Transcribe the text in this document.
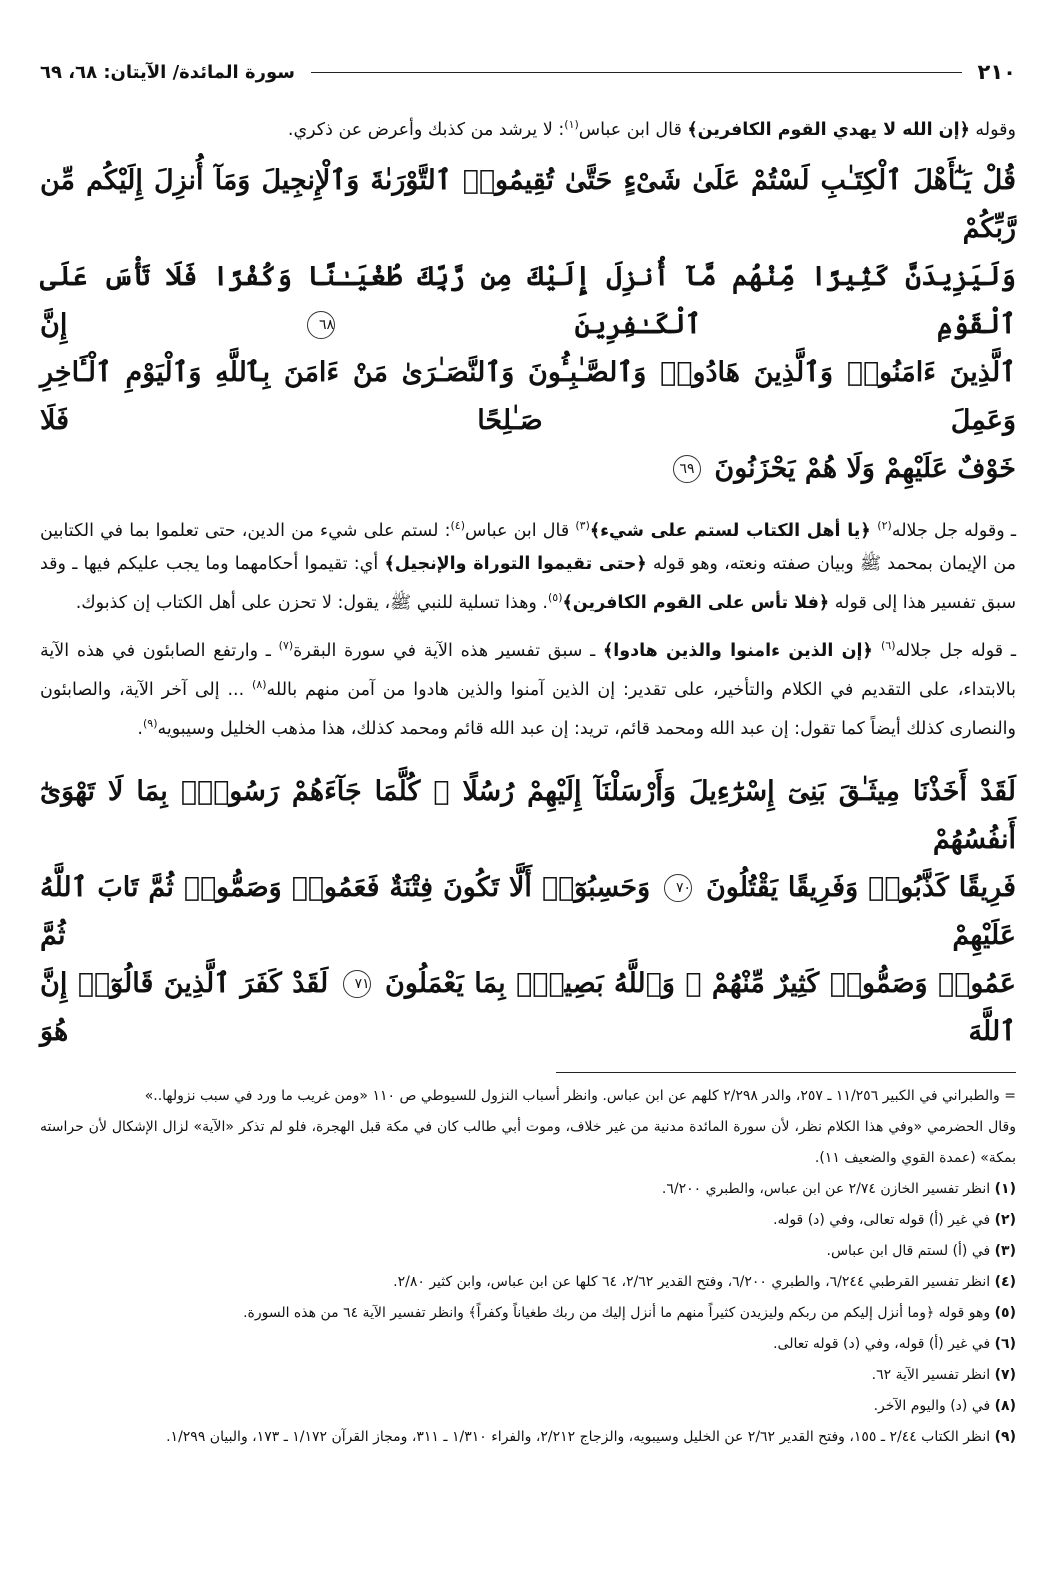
٢١٠
سورة المائدة/ الآيتان: ٦٨، ٦٩

وقوله ﴿إن الله لا يهدي القوم الكافرين﴾ قال ابن عباس$^{(١)}$: لا يرشد من كذبك وأعرض عن ذكري.

قُلْ يَـٰٓأَهْلَ ٱلْكِتَـٰبِ لَسْتُمْ عَلَىٰ شَىْءٍ حَتَّىٰ تُقِيمُوا۟ ٱلتَّوْرَىٰةَ وَٱلْإِنجِيلَ وَمَآ أُنزِلَ إِلَيْكُم مِّن رَّبِّكُمْ
وَلَيَزِيدَنَّ كَثِيرًا مِّنْهُم مَّآ أُنزِلَ إِلَيْكَ مِن رَّبِّكَ طُغْيَـٰنًا وَكُفْرًا فَلَا تَأْسَ عَلَى ٱلْقَوْمِ ٱلْكَـٰفِرِينَ ٦٨ إِنَّ
ٱلَّذِينَ ءَامَنُوا۟ وَٱلَّذِينَ هَادُوا۟ وَٱلصَّـٰبِـُٔونَ وَٱلنَّصَـٰرَىٰ مَنْ ءَامَنَ بِٱللَّهِ وَٱلْيَوْمِ ٱلْـَٔاخِرِ وَعَمِلَ صَـٰلِحًا فَلَا
خَوْفٌ عَلَيْهِمْ وَلَا هُمْ يَحْزَنُونَ ٦٩

ـ وقوله جل جلاله$^{(٢)}$ ﴿يا أهل الكتاب لستم على شيء﴾$^{(٣)}$ قال ابن عباس$^{(٤)}$: لستم على شيء من الدين، حتى تعلموا بما في الكتابين من الإيمان بمحمد ﷺ وبيان صفته ونعته، وهو قوله ﴿حتى تقيموا التوراة والإنجيل﴾ أي: تقيموا أحكامهما وما يجب عليكم فيها ـ وقد سبق تفسير هذا إلى قوله ﴿فلا تأس على القوم الكافرين﴾$^{(٥)}$. وهذا تسلية للنبي ﷺ، يقول: لا تحزن على أهل الكتاب إن كذبوك.

ـ قوله جل جلاله$^{(٦)}$ ﴿إن الذين ءامنوا والذين هادوا﴾ ـ سبق تفسير هذه الآية في سورة البقرة$^{(٧)}$ ـ وارتفع الصابئون في هذه الآية بالابتداء، على التقديم في الكلام والتأخير، على تقدير: إن الذين آمنوا والذين هادوا من آمن منهم بالله$^{(٨)}$ ... إلى آخر الآية، والصابئون والنصارى كذلك أيضاً كما تقول: إن عبد الله ومحمد قائم، تريد: إن عبد الله قائم ومحمد كذلك، هذا مذهب الخليل وسيبويه$^{(٩)}$.

لَقَدْ أَخَذْنَا مِيثَـٰقَ بَنِىٓ إِسْرَٰٓءِيلَ وَأَرْسَلْنَآ إِلَيْهِمْ رُسُلًا ۖ كُلَّمَا جَآءَهُمْ رَسُولٌۢ بِمَا لَا تَهْوَىٰٓ أَنفُسُهُمْ
فَرِيقًا كَذَّبُوا۟ وَفَرِيقًا يَقْتُلُونَ ٧٠ وَحَسِبُوٓا۟ أَلَّا تَكُونَ فِتْنَةٌ فَعَمُوا۟ وَصَمُّوا۟ ثُمَّ تَابَ ٱللَّهُ عَلَيْهِمْ ثُمَّ
عَمُوا۟ وَصَمُّوا۟ كَثِيرٌ مِّنْهُمْ ۚ وَٱللَّهُ بَصِيرٌۢ بِمَا يَعْمَلُونَ ٧١ لَقَدْ كَفَرَ ٱلَّذِينَ قَالُوٓا۟ إِنَّ ٱللَّهَ هُوَ

= والطبراني في الكبير ١١/٢٥٦ ـ ٢٥٧، والدر ٢/٢٩٨ كلهم عن ابن عباس. وانظر أسباب النزول للسيوطي ص ١١٠ «ومن غريب ما ورد في سبب نزولها..»

وقال الحضرمي «وفي هذا الكلام نظر، لأن سورة المائدة مدنية من غير خلاف، وموت أبي طالب كان في مكة قبل الهجرة، فلو لم تذكر «الآية» لزال الإشكال لأن حراسته بمكة» (عمدة القوي والضعيف ١١).

(١) انظر تفسير الخازن ٢/٧٤ عن ابن عباس، والطبري ٦/٢٠٠.

(٢) في غير (أ) قوله تعالى، وفي (د) قوله.

(٣) في (أ) لستم قال ابن عباس.

(٤) انظر تفسير القرطبي ٦/٢٤٤، والطبري ٦/٢٠٠، وفتح القدير ٢/٦٢، ٦٤ كلها عن ابن عباس، وابن كثير ٢/٨٠.

(٥) وهو قوله ﴿وما أنزل إليكم من ربكم وليزيدن كثيراً منهم ما أنزل إليك من ربك طغياناً وكفراً﴾ وانظر تفسير الآية ٦٤ من هذه السورة.

(٦) في غير (أ) قوله، وفي (د) قوله تعالى.

(٧) انظر تفسير الآية ٦٢.

(٨) في (د) واليوم الآخر.

(٩) انظر الكتاب ٢/٤٤ ـ ١٥٥، وفتح القدير ٢/٦٢ عن الخليل وسيبويه، والزجاج ٢/٢١٢، والفراء ١/٣١٠ ـ ٣١١، ومجاز القرآن ١/١٧٢ ـ ١٧٣، والبيان ١/٢٩٩.
